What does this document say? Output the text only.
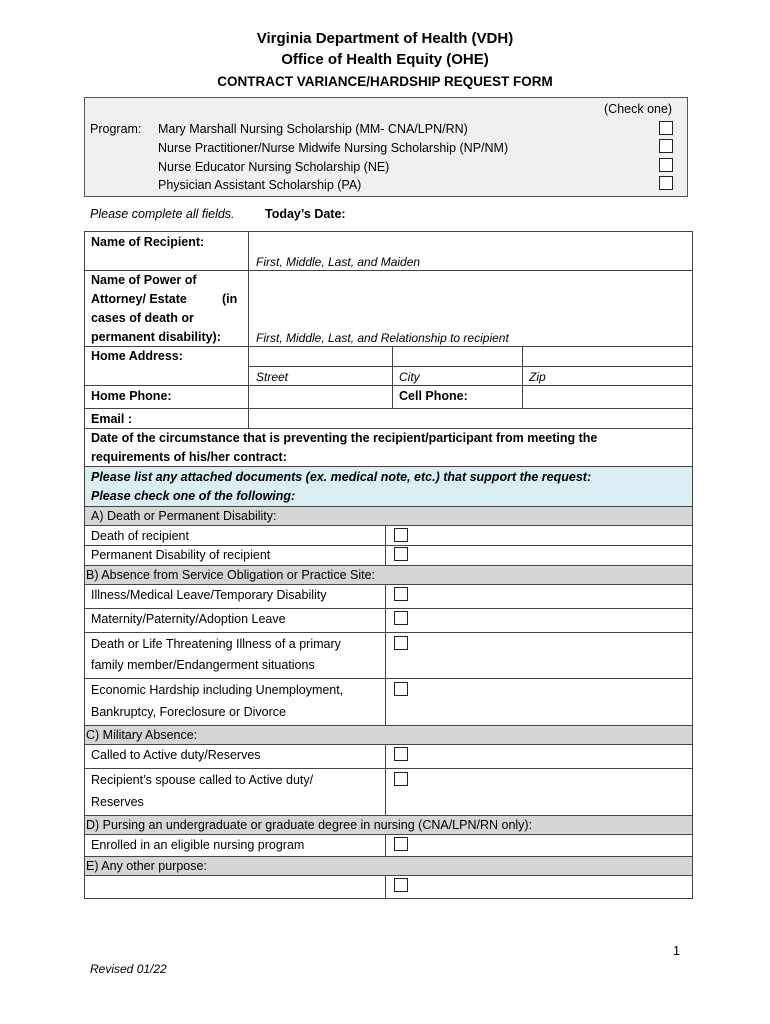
Virginia Department of Health (VDH)
Office of Health Equity (OHE)
CONTRACT VARIANCE/HARDSHIP REQUEST FORM
(Check one)
Program: Mary Marshall Nursing Scholarship (MM- CNA/LPN/RN)
Nurse Practitioner/Nurse Midwife Nursing Scholarship (NP/NM)
Nurse Educator Nursing Scholarship (NE)
Physician Assistant Scholarship (PA)
Please complete all fields. Today’s Date:
Name of Recipient:
First, Middle, Last, and Maiden
Name of Power of
Attorney/ Estate	(in
cases of death or
permanent disability):	First, Middle, Last, and Relationship to recipient
Home Address:
Street	City	Zip
Home Phone:	Cell Phone:
Email :
Date of the circumstance that is preventing the recipient/participant from meeting the
requirements of his/her contract:
Please list any attached documents (ex. medical note, etc.) that support the request:
Please check one of the following:
A) Death or Permanent Disability:
Death of recipient
Permanent Disability of recipient
B) Absence from Service Obligation or Practice Site:
Illness/Medical Leave/Temporary Disability
Maternity/Paternity/Adoption Leave
Death or Life Threatening Illness of a primary
family member/Endangerment situations
Economic Hardship including Unemployment,
Bankruptcy, Foreclosure or Divorce
C) Military Absence:
Called to Active duty/Reserves
Recipient’s spouse called to Active duty/
Reserves
D) Pursing an undergraduate or graduate degree in nursing (CNA/LPN/RN only):
Enrolled in an eligible nursing program
E) Any other purpose:
1
Revised 01/22
